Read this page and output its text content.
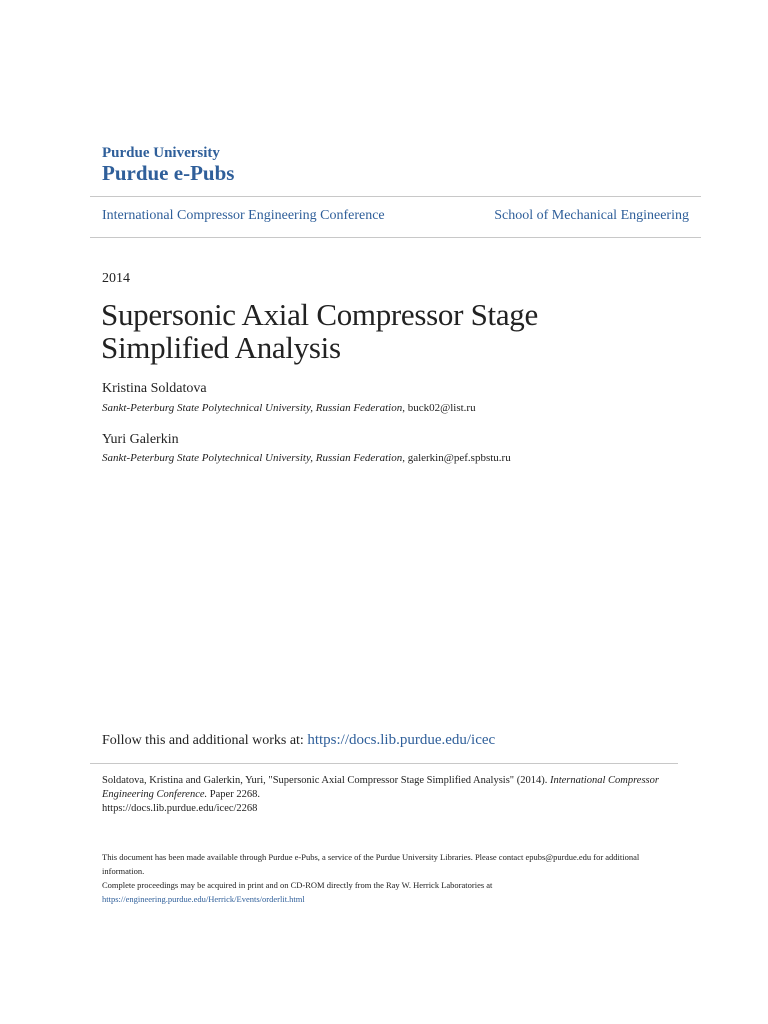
Purdue University
Purdue e-Pubs
International Compressor Engineering Conference	School of Mechanical Engineering
2014
Supersonic Axial Compressor Stage Simplified Analysis
Kristina Soldatova
Sankt-Peterburg State Polytechnical University, Russian Federation, buck02@list.ru
Yuri Galerkin
Sankt-Peterburg State Polytechnical University, Russian Federation, galerkin@pef.spbstu.ru
Follow this and additional works at: https://docs.lib.purdue.edu/icec
Soldatova, Kristina and Galerkin, Yuri, "Supersonic Axial Compressor Stage Simplified Analysis" (2014). International Compressor Engineering Conference. Paper 2268.
https://docs.lib.purdue.edu/icec/2268

This document has been made available through Purdue e-Pubs, a service of the Purdue University Libraries. Please contact epubs@purdue.edu for additional information.

Complete proceedings may be acquired in print and on CD-ROM directly from the Ray W. Herrick Laboratories at https://engineering.purdue.edu/Herrick/Events/orderlit.html
